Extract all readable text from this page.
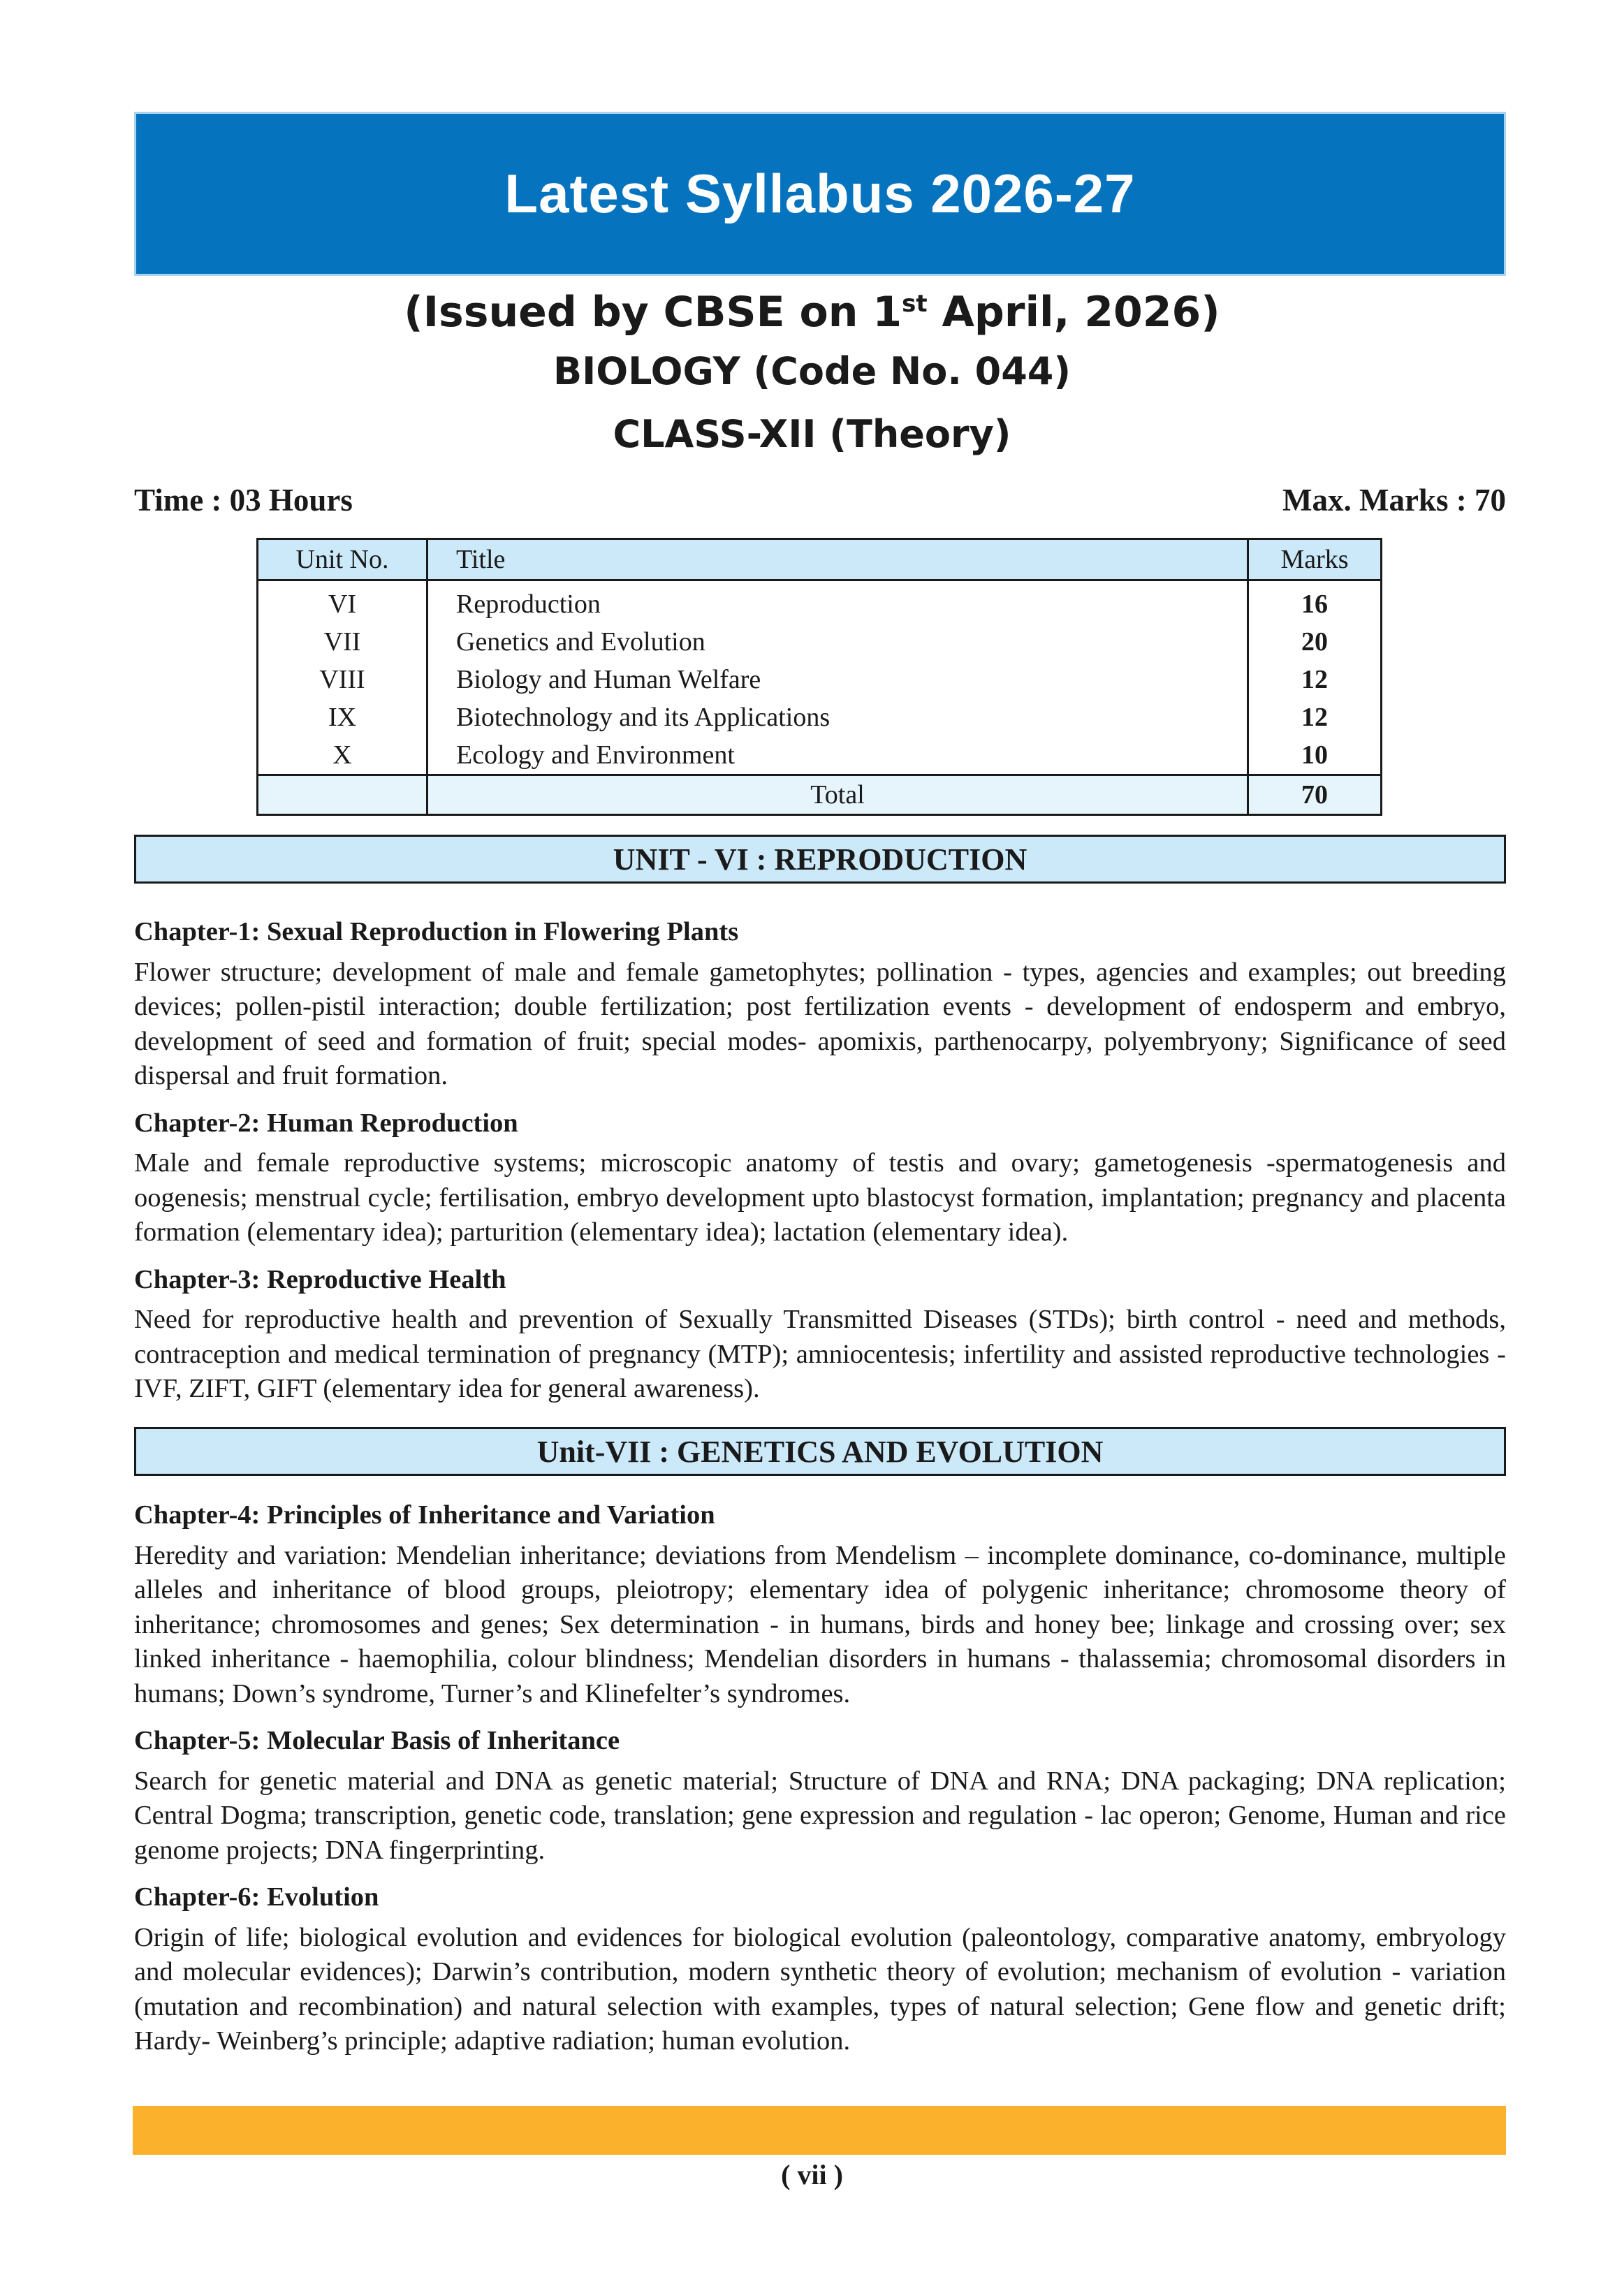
Latest Syllabus 2026-27
(Issued by CBSE on 1st April, 2026)
BIOLOGY (Code No. 044)
CLASS-XII (Theory)
Time : 03 Hours	Max. Marks : 70
Unit No.	Title	Marks
VI	Reproduction	16
VII	Genetics and Evolution	20
VIII	Biology and Human Welfare	12
IX	Biotechnology and its Applications	12
X	Ecology and Environment	10
	Total	70
UNIT - VI : REPRODUCTION

Chapter-1: Sexual Reproduction in Flowering Plants

Flower structure; development of male and female gametophytes; pollination - types, agencies and examples; out breeding devices; pollen-pistil interaction; double fertilization; post fertilization events - development of endosperm and embryo, development of seed and formation of fruit; special modes- apomixis, parthenocarpy, polyembryony; Significance of seed dispersal and fruit formation.

Chapter-2: Human Reproduction

Male and female reproductive systems; microscopic anatomy of testis and ovary; gametogenesis -spermatogenesis and oogenesis; menstrual cycle; fertilisation, embryo development upto blastocyst formation, implantation; pregnancy and placenta formation (elementary idea); parturition (elementary idea); lactation (elementary idea).

Chapter-3: Reproductive Health

Need for reproductive health and prevention of Sexually Transmitted Diseases (STDs); birth control - need and methods, contraception and medical termination of pregnancy (MTP); amniocentesis; infertility and assisted reproductive technologies - IVF, ZIFT, GIFT (elementary idea for general awareness).

Unit-VII : GENETICS AND EVOLUTION

Chapter-4: Principles of Inheritance and Variation

Heredity and variation: Mendelian inheritance; deviations from Mendelism – incomplete dominance, co-dominance, multiple alleles and inheritance of blood groups, pleiotropy; elementary idea of polygenic inheritance; chromosome theory of inheritance; chromosomes and genes; Sex determination - in humans, birds and honey bee; linkage and crossing over; sex linked inheritance - haemophilia, colour blindness; Mendelian disorders in humans - thalassemia; chromosomal disorders in humans; Down’s syndrome, Turner’s and Klinefelter’s syndromes.

Chapter-5: Molecular Basis of Inheritance

Search for genetic material and DNA as genetic material; Structure of DNA and RNA; DNA packaging; DNA replication; Central Dogma; transcription, genetic code, translation; gene expression and regulation - lac operon; Genome, Human and rice genome projects; DNA fingerprinting.

Chapter-6: Evolution

Origin of life; biological evolution and evidences for biological evolution (paleontology, comparative anatomy, embryology and molecular evidences); Darwin’s contribution, modern synthetic theory of evolution; mechanism of evolution - variation (mutation and recombination) and natural selection with examples, types of natural selection; Gene flow and genetic drift; Hardy- Weinberg’s principle; adaptive radiation; human evolution.

( vii )
